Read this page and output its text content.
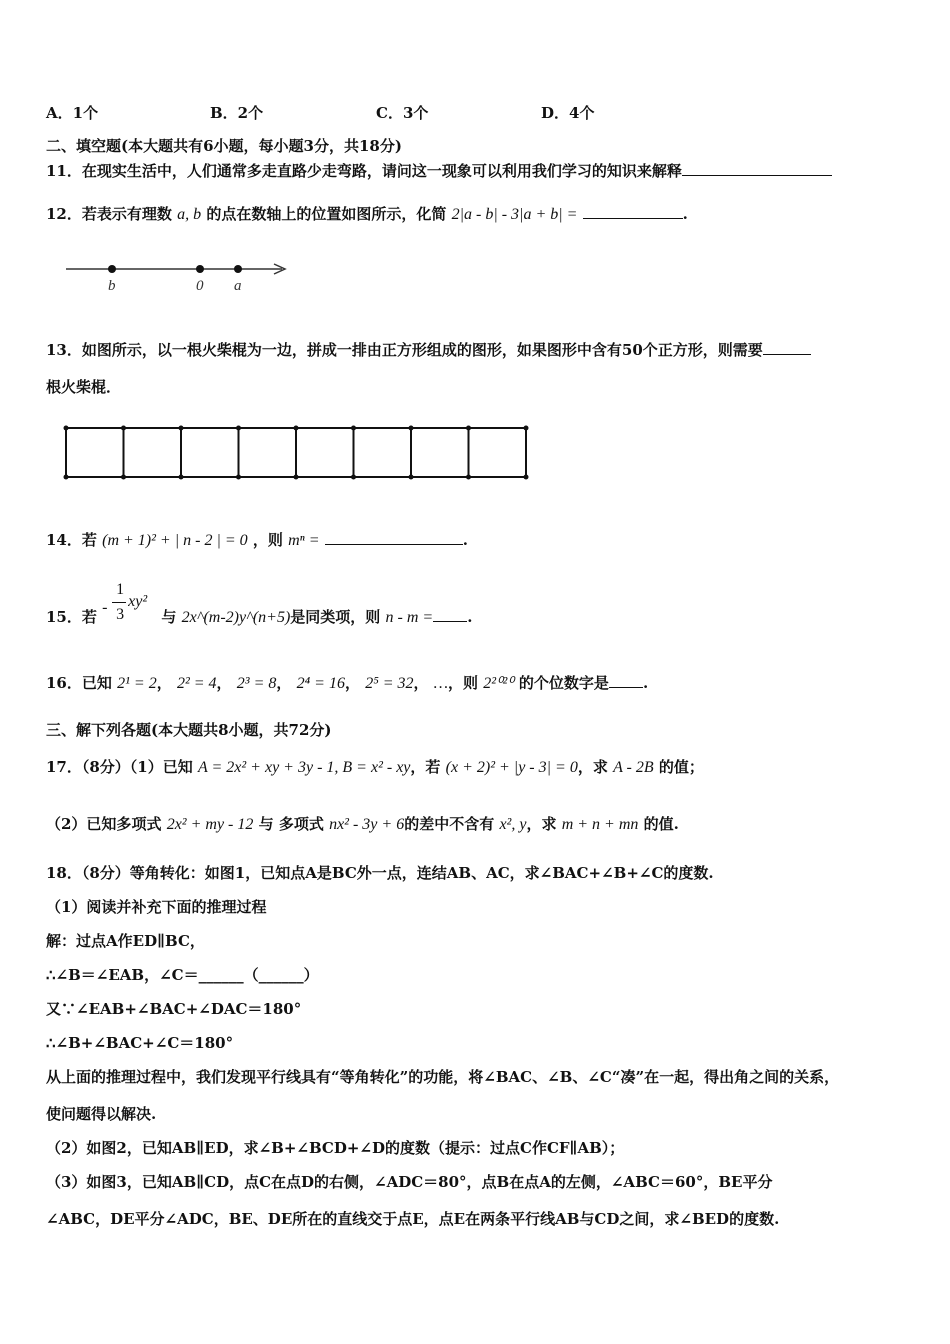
A．1个	B．2个	C．3个	D．4个
二、填空题(本大题共有6小题，每小题3分，共18分)
11．在现实生活中，人们通常多走直路少走弯路，请问这一现象可以利用我们学习的知识来解释
12．若表示有理数 a, b 的点在数轴上的位置如图所示，化简 2|a - b| - 3|a + b| =	.
b	0 a
13．如图所示，以一根火柴棍为一边，拼成一排由正方形组成的图形，如果图形中含有50个正方形，则需要
根火柴棍．
14．若 (m + 1)² + | n - 2 | = 0 ，则 mⁿ =	.
15．若
-
1
3
xy²
与 2x^(m-2)y^(n+5)是同类项，则 n - m = .
16．已知 2¹ = 2， 2² = 4， 2³ = 8， 2⁴ = 16， 2⁵ = 32， …，则 2²⁰²⁰ 的个位数字是 .
三、解下列各题(本大题共8小题，共72分)
17．（8分）（1）已知 A = 2x² + xy + 3y - 1, B = x² - xy，若 (x + 2)² + |y - 3| = 0，求 A - 2B 的值；
（2）已知多项式 2x² + my - 12 与 多项式 nx² - 3y + 6的差中不含有 x², y，求 m + n + mn 的值.
18．（8分）等角转化：如图1，已知点A是BC外一点，连结AB、AC，求∠BAC+∠B+∠C的度数.
（1）阅读并补充下面的推理过程
解：过点A作ED∥BC，
∴∠B＝∠EAB，∠C＝______（______）
又∵∠EAB+∠BAC+∠DAC＝180°
∴∠B+∠BAC+∠C＝180°
从上面的推理过程中，我们发现平行线具有“等角转化”的功能，将∠BAC、∠B、∠C“凑”在一起，得出角之间的关系，
使问题得以解决.
（2）如图2，已知AB∥ED，求∠B+∠BCD+∠D的度数（提示：过点C作CF∥AB）；
（3）如图3，已知AB∥CD，点C在点D的右侧，∠ADC＝80°，点B在点A的左侧，∠ABC＝60°，BE平分
∠ABC，DE平分∠ADC，BE、DE所在的直线交于点E，点E在两条平行线AB与CD之间，求∠BED的度数.
